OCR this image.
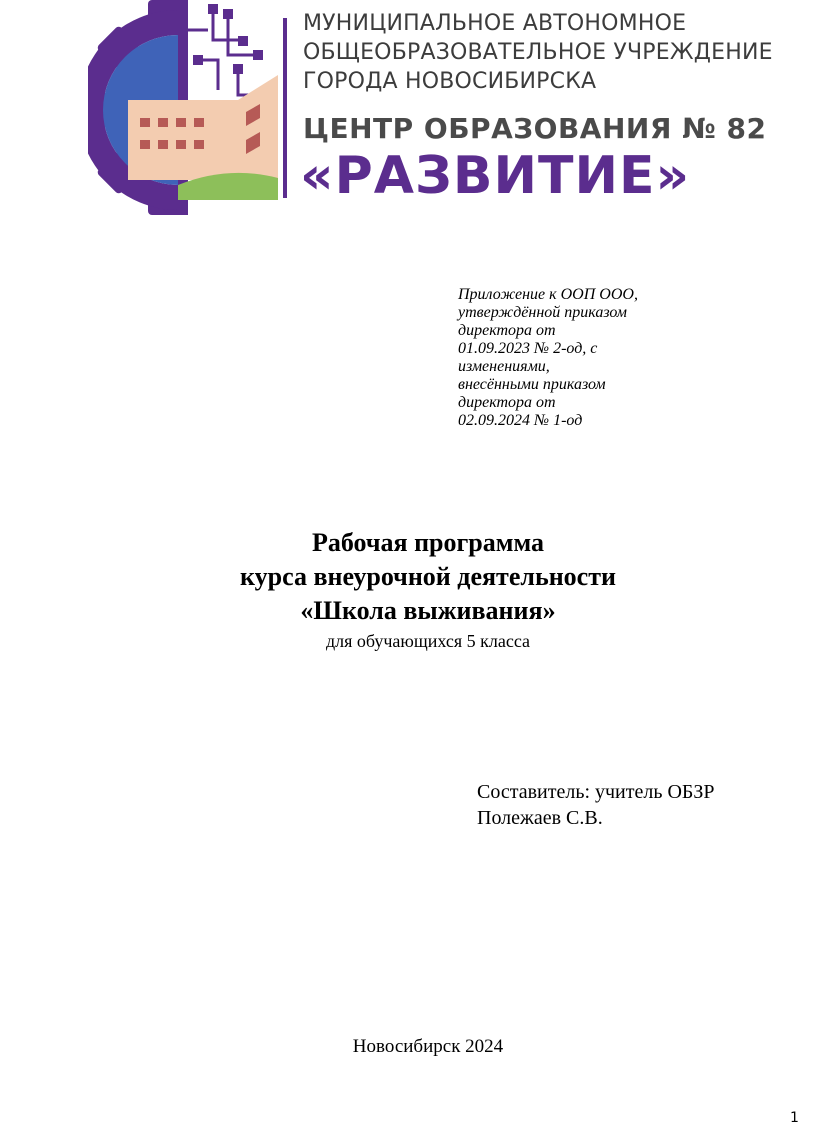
МУНИЦИПАЛЬНОЕ АВТОНОМНОЕ
ОБЩЕОБРАЗОВАТЕЛЬНОЕ УЧРЕЖДЕНИЕ
ГОРОДА НОВОСИБИРСКА
ЦЕНТР ОБРАЗОВАНИЯ № 82
«РАЗВИТИЕ»
Приложение к ООП ООО,
утверждённой приказом
директора от
01.09.2023 № 2-од, с
изменениями,
внесёнными приказом
директора от
02.09.2024 № 1-од
Рабочая программа
курса внеурочной деятельности
«Школа выживания»
для обучающихся 5 класса
Составитель: учитель ОБЗР
Полежаев С.В.
Новосибирск 2024
1
